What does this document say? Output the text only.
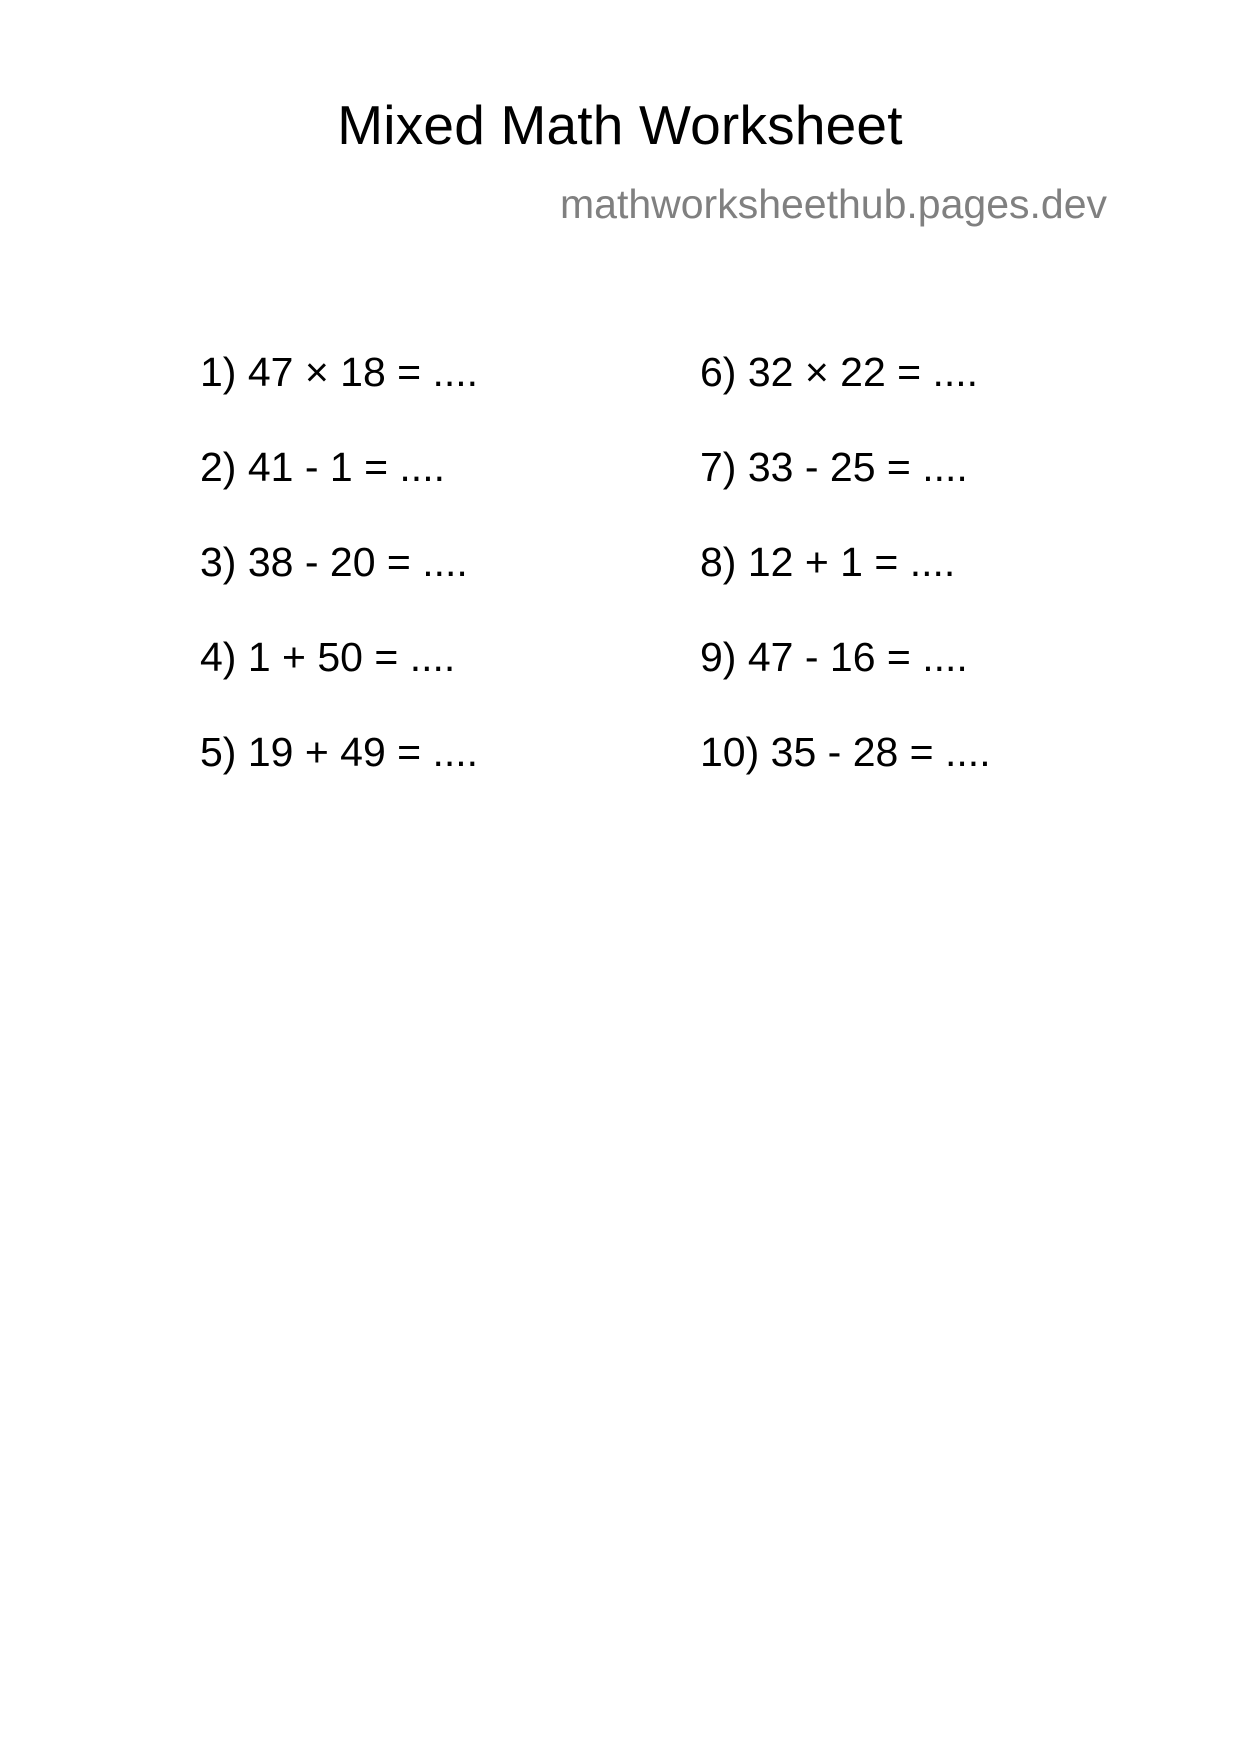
Mixed Math Worksheet
mathworksheethub.pages.dev
1) 47 × 18 = ....
2) 41 - 1 = ....
3) 38 - 20 = ....
4) 1 + 50 = ....
5) 19 + 49 = ....
6) 32 × 22 = ....
7) 33 - 25 = ....
8) 12 + 1 = ....
9) 47 - 16 = ....
10) 35 - 28 = ....
